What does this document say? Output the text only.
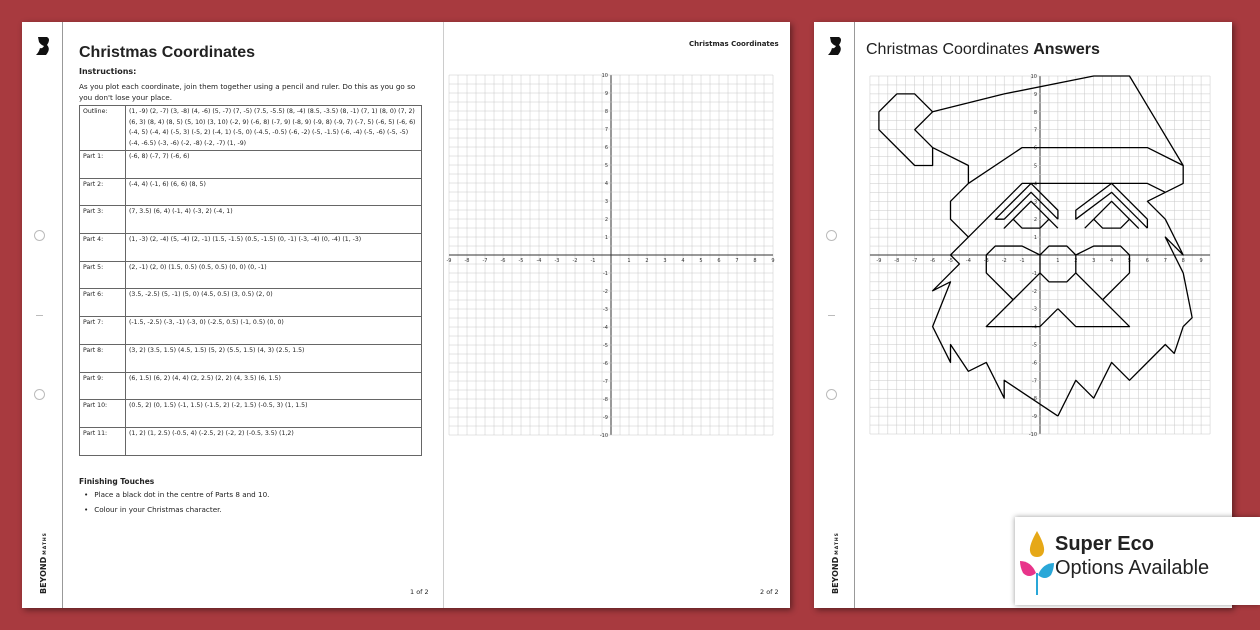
BEYONDMATHS
Christmas Coordinates
Instructions:
As you plot each coordinate, join them together using a pencil and ruler. Do this as you go so you don't lose your place.
Outline:	(1, -9) (2, -7) (3, -8) (4, -6) (5, -7) (7, -5) (7.5, -5.5) (8, -4) (8.5, -3.5) (8, -1) (7, 1) (8, 0) (7, 2) (6, 3) (8, 4) (8, 5) (5, 10) (3, 10) (-2, 9) (-6, 8) (-7, 9) (-8, 9) (-9, 8) (-9, 7) (-7, 5) (-6, 5) (-6, 6) (-4, 5) (-4, 4) (-5, 3) (-5, 2) (-4, 1) (-5, 0) (-4.5, -0.5) (-6, -2) (-5, -1.5) (-6, -4) (-5, -6) (-5, -5) (-4, -6.5) (-3, -6) (-2, -8) (-2, -7) (1, -9)
Part 1:	(-6, 8) (-7, 7) (-6, 6)
Part 2:	(-4, 4) (-1, 6) (6, 6) (8, 5)
Part 3:	(7, 3.5) (6, 4) (-1, 4) (-3, 2) (-4, 1)
Part 4:	(1, -3) (2, -4) (5, -4) (2, -1) (1.5, -1.5) (0.5, -1.5) (0, -1) (-3, -4) (0, -4) (1, -3)
Part 5:	(2, -1) (2, 0) (1.5, 0.5) (0.5, 0.5) (0, 0) (0, -1)
Part 6:	(3.5, -2.5) (5, -1) (5, 0) (4.5, 0.5) (3, 0.5) (2, 0)
Part 7:	(-1.5, -2.5) (-3, -1) (-3, 0) (-2.5, 0.5) (-1, 0.5) (0, 0)
Part 8:	(3, 2) (3.5, 1.5) (4.5, 1.5) (5, 2) (5.5, 1.5) (4, 3) (2.5, 1.5)
Part 9:	(6, 1.5) (6, 2) (4, 4) (2, 2.5) (2, 2) (4, 3.5) (6, 1.5)
Part 10:	(0.5, 2) (0, 1.5) (-1, 1.5) (-1.5, 2) (-2, 1.5) (-0.5, 3) (1, 1.5)
Part 11:	(1, 2) (1, 2.5) (-0.5, 4) (-2.5, 2) (-2, 2) (-0.5, 3.5) (1,2)
Finishing Touches
• Place a black dot in the centre of Parts 8 and 10.
• Colour in your Christmas character.
1 of 2
Christmas Coordinates
2 of 2
-9	-8	-7	-6	-5	-4	-3	-2	-1	1	2	3	4	5	6	7	8	9
-10
-9
-8
-7
-6
-5
-4
-3
-2
-1
1
2
3
4
5
6
7
8
9
10
BEYONDMATHS
Christmas Coordinates Answers
-9	-8	-7	-6	-5	-4	-3	-2	-1	1	2	3	4	5	6	7	8	9
-10
-9
-8
-7
-6
-5
-4
-3
-2
-1
1
2
3
4
5
6
7
8
9
10
Super Eco
Options Available
